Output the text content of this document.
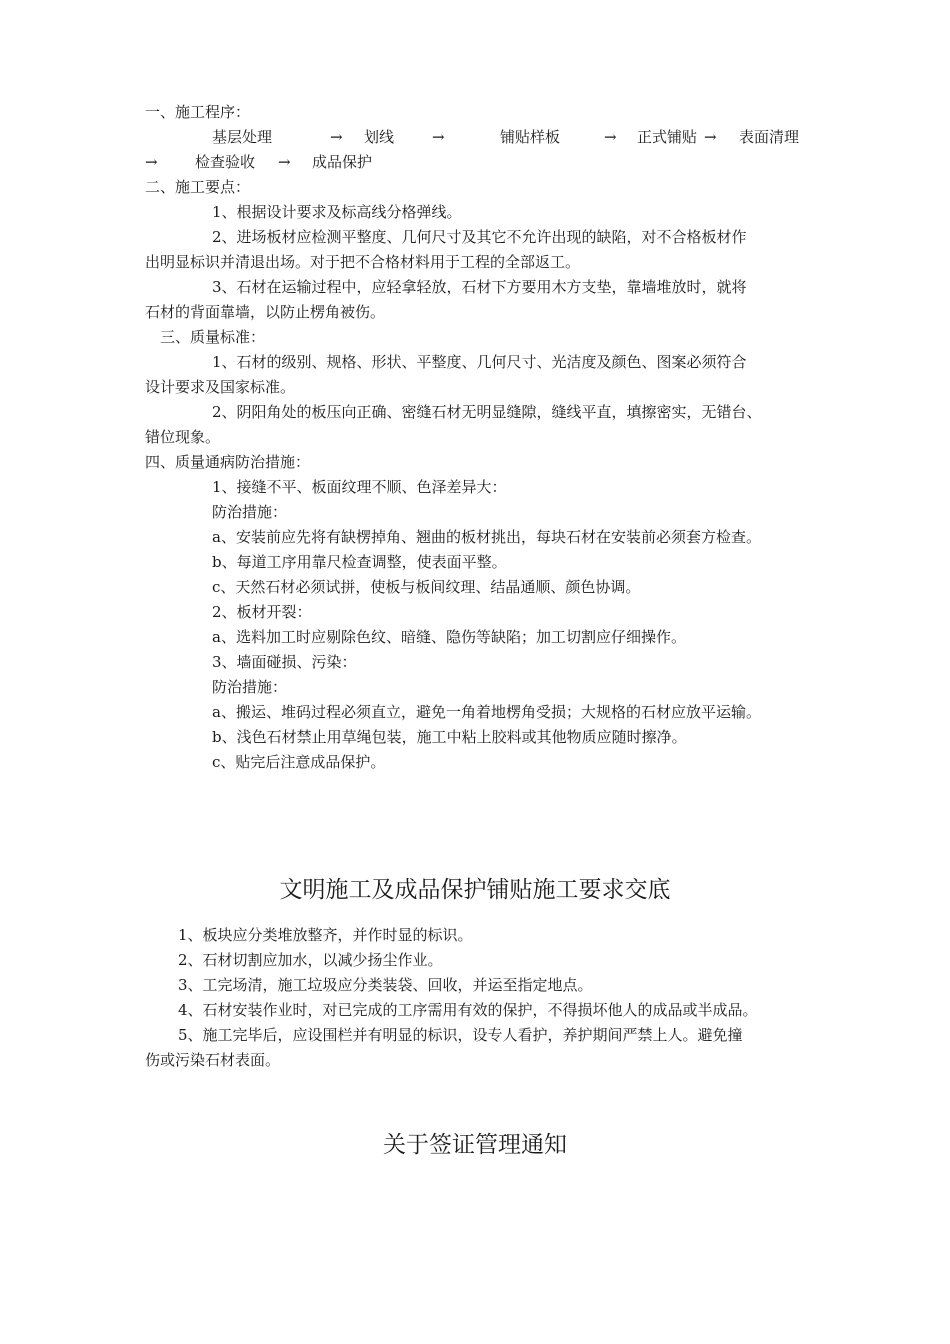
一、施工程序：
基层处理	→ 划线	→	铺贴样板	→ 正式铺贴 → 表面清理
→ 检查验收 → 成品保护
二、施工要点：
1、根据设计要求及标高线分格弹线。
2、进场板材应检测平整度、几何尺寸及其它不允许出现的缺陷，对不合格板材作
出明显标识并清退出场。对于把不合格材料用于工程的全部返工。
3、石材在运输过程中，应轻拿轻放，石材下方要用木方支垫，靠墙堆放时，就将
石材的背面靠墙，以防止楞角被伤。
三、质量标准：
1、石材的级别、规格、形状、平整度、几何尺寸、光洁度及颜色、图案必须符合
设计要求及国家标准。
2、阴阳角处的板压向正确、密缝石材无明显缝隙，缝线平直，填擦密实，无错台、
错位现象。
四、质量通病防治措施：
1、接缝不平、板面纹理不顺、色泽差异大：
防治措施：
a、安装前应先将有缺楞掉角、翘曲的板材挑出，每块石材在安装前必须套方检查。
b、每道工序用靠尺检查调整，使表面平整。
c、天然石材必须试拼，使板与板间纹理、结晶通顺、颜色协调。
2、板材开裂：
a、选料加工时应剔除色纹、暗缝、隐伤等缺陷；加工切割应仔细操作。
3、墙面碰损、污染：
防治措施：
a、搬运、堆码过程必须直立，避免一角着地楞角受损；大规格的石材应放平运输。
b、浅色石材禁止用草绳包装，施工中粘上胶料或其他物质应随时擦净。
c、贴完后注意成品保护。
文明施工及成品保护铺贴施工要求交底
1、板块应分类堆放整齐，并作时显的标识。
2、石材切割应加水，以减少扬尘作业。
3、工完场清，施工垃圾应分类装袋、回收，并运至指定地点。
4、石材安装作业时，对已完成的工序需用有效的保护，不得损坏他人的成品或半成品。
5、施工完毕后，应设围栏并有明显的标识，设专人看护，养护期间严禁上人。避免撞
伤或污染石材表面。
关于签证管理通知
